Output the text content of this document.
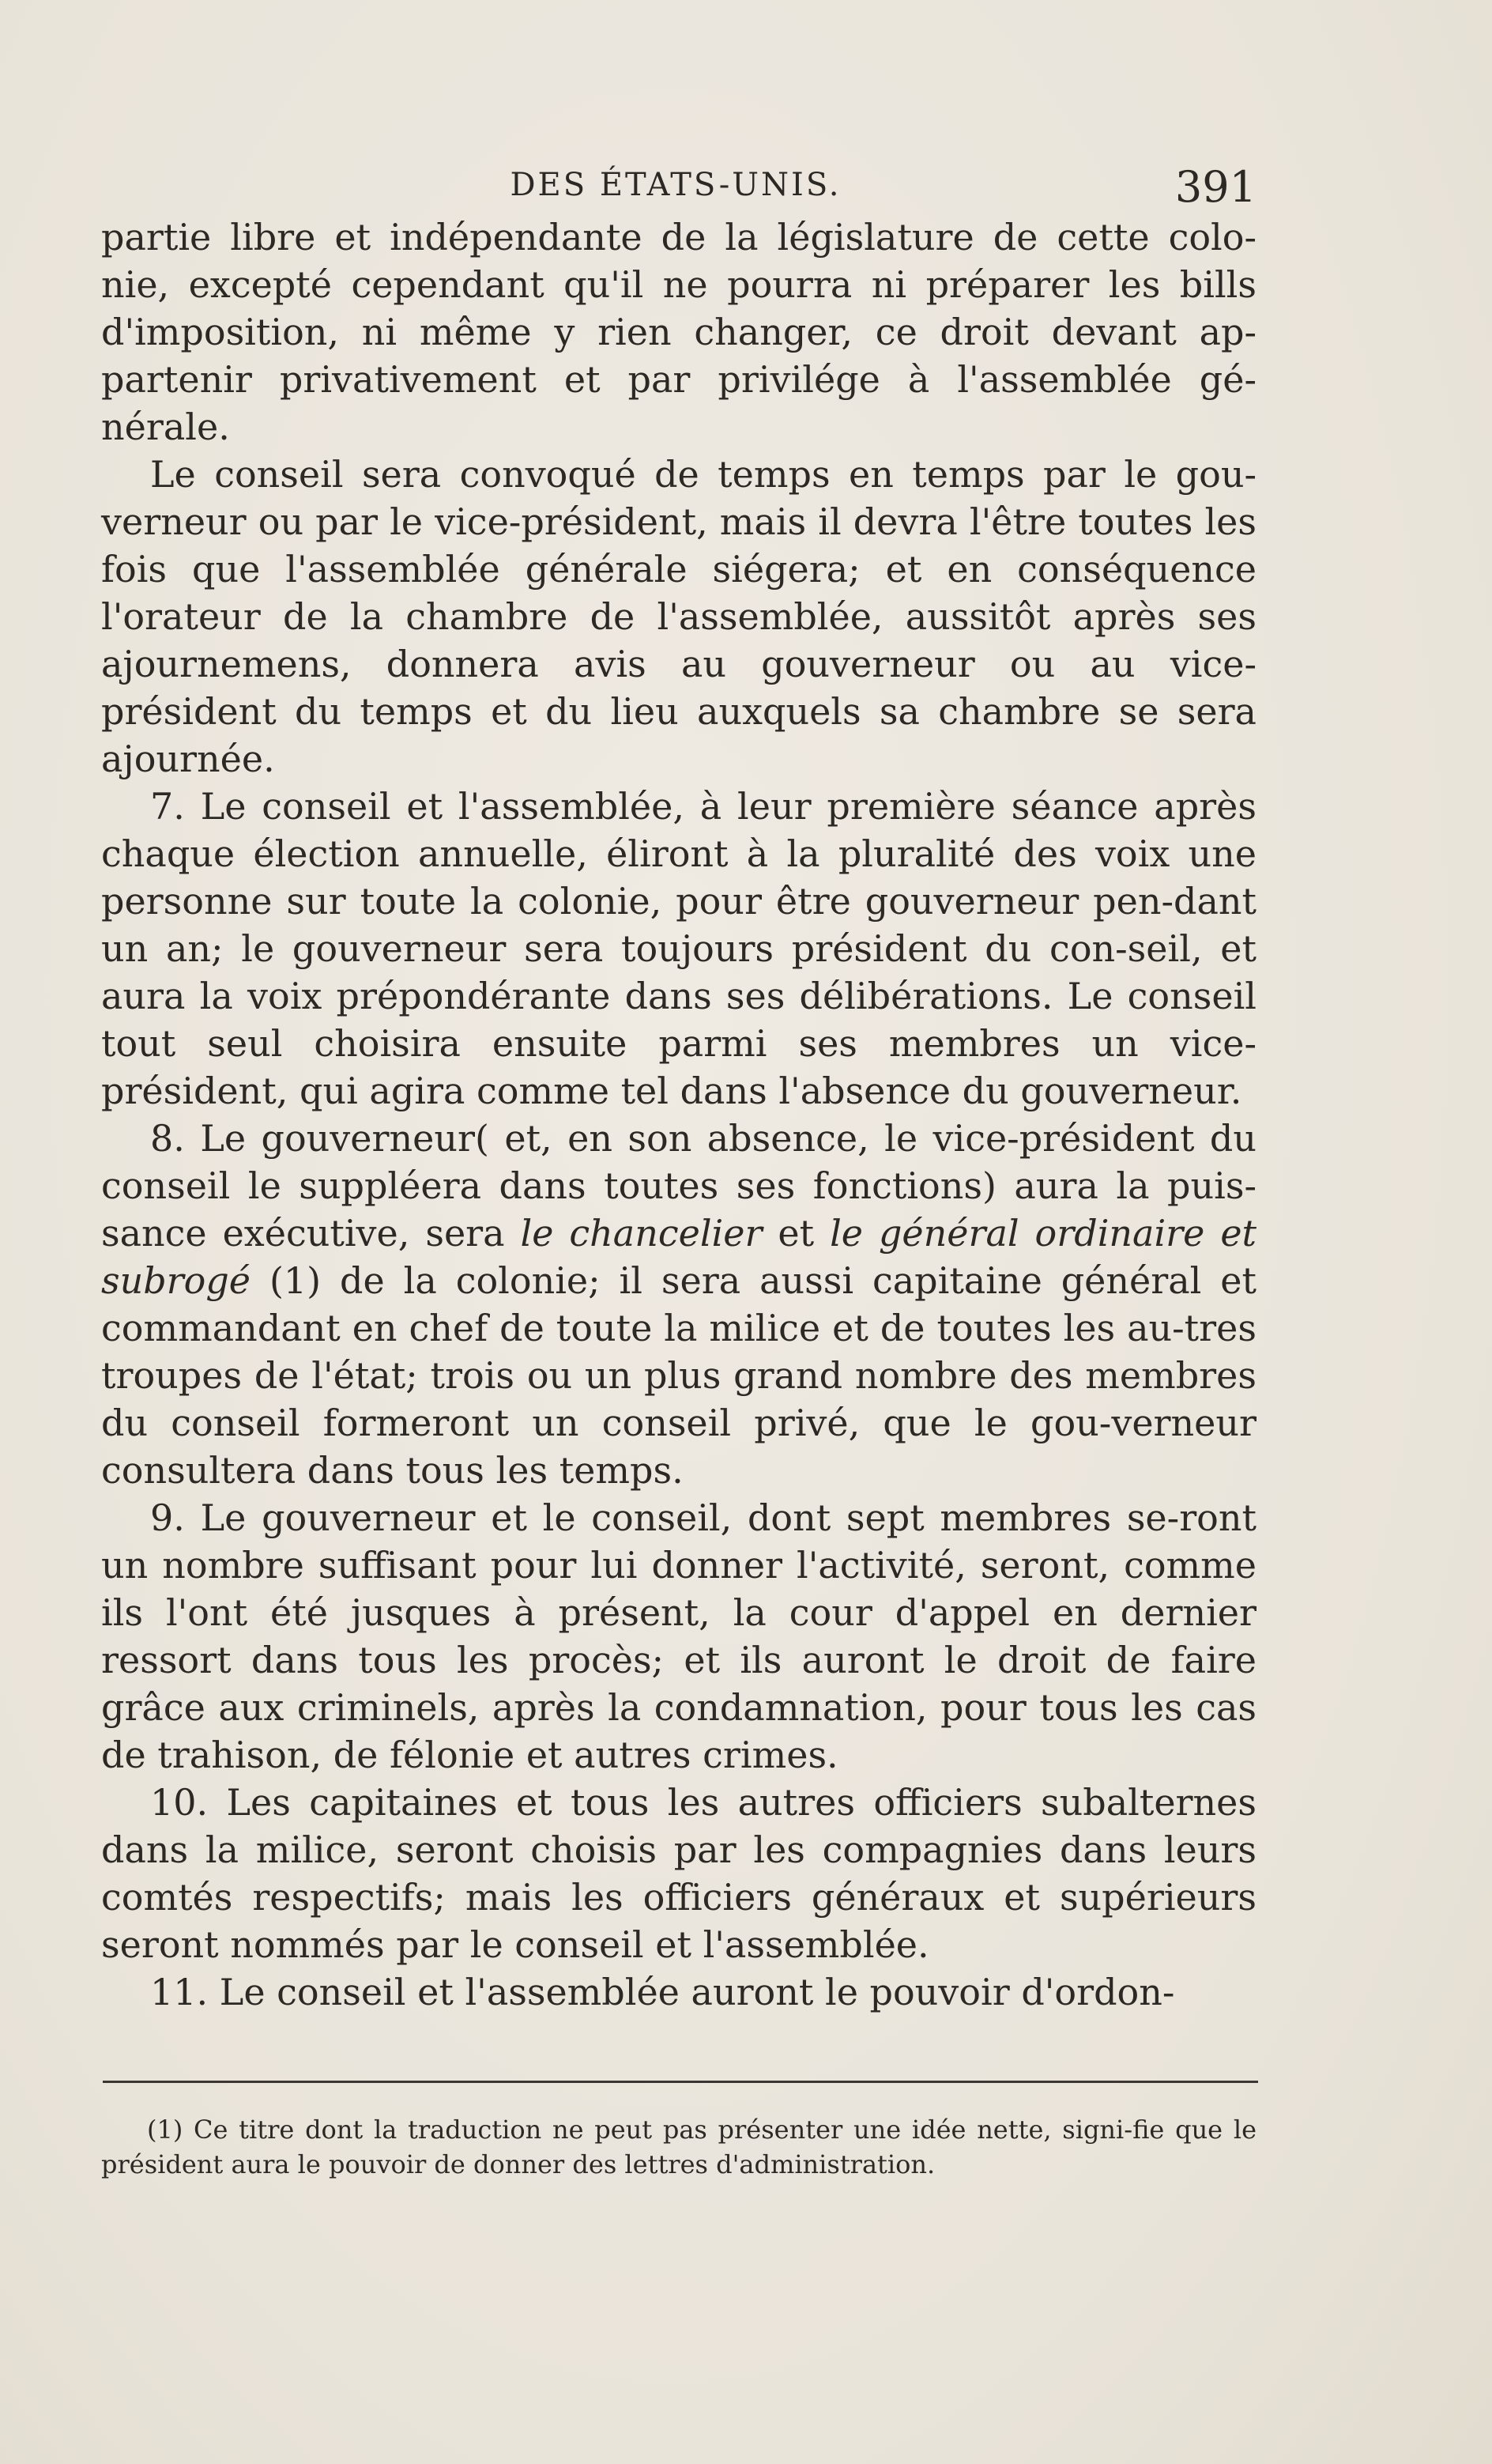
DES ÉTATS-UNIS.	391

partie libre et indépendante de la législature de cette colo-nie, excepté cependant qu'il ne pourra ni préparer les bills d'imposition, ni même y rien changer, ce droit devant ap-partenir privativement et par privilége à l'assemblée gé-nérale.

Le conseil sera convoqué de temps en temps par le gou-verneur ou par le vice-président, mais il devra l'être toutes les fois que l'assemblée générale siégera; et en conséquence l'orateur de la chambre de l'assemblée, aussitôt après ses ajournemens, donnera avis au gouverneur ou au vice-président du temps et du lieu auxquels sa chambre se sera ajournée.

7. Le conseil et l'assemblée, à leur première séance après chaque élection annuelle, éliront à la pluralité des voix une personne sur toute la colonie, pour être gouverneur pen-dant un an; le gouverneur sera toujours président du con-seil, et aura la voix prépondérante dans ses délibérations. Le conseil tout seul choisira ensuite parmi ses membres un vice-président, qui agira comme tel dans l'absence du gouverneur.

8. Le gouverneur( et, en son absence, le vice-président du conseil le suppléera dans toutes ses fonctions) aura la puis-sance exécutive, sera le chancelier et le général ordinaire et subrogé (1) de la colonie; il sera aussi capitaine général et commandant en chef de toute la milice et de toutes les au-tres troupes de l'état; trois ou un plus grand nombre des membres du conseil formeront un conseil privé, que le gou-verneur consultera dans tous les temps.

9. Le gouverneur et le conseil, dont sept membres se-ront un nombre suffisant pour lui donner l'activité, seront, comme ils l'ont été jusques à présent, la cour d'appel en dernier ressort dans tous les procès; et ils auront le droit de faire grâce aux criminels, après la condamnation, pour tous les cas de trahison, de félonie et autres crimes.

10. Les capitaines et tous les autres officiers subalternes dans la milice, seront choisis par les compagnies dans leurs comtés respectifs; mais les officiers généraux et supérieurs seront nommés par le conseil et l'assemblée.

11. Le conseil et l'assemblée auront le pouvoir d'ordon-

(1) Ce titre dont la traduction ne peut pas présenter une idée nette, signi-fie que le président aura le pouvoir de donner des lettres d'administration.
